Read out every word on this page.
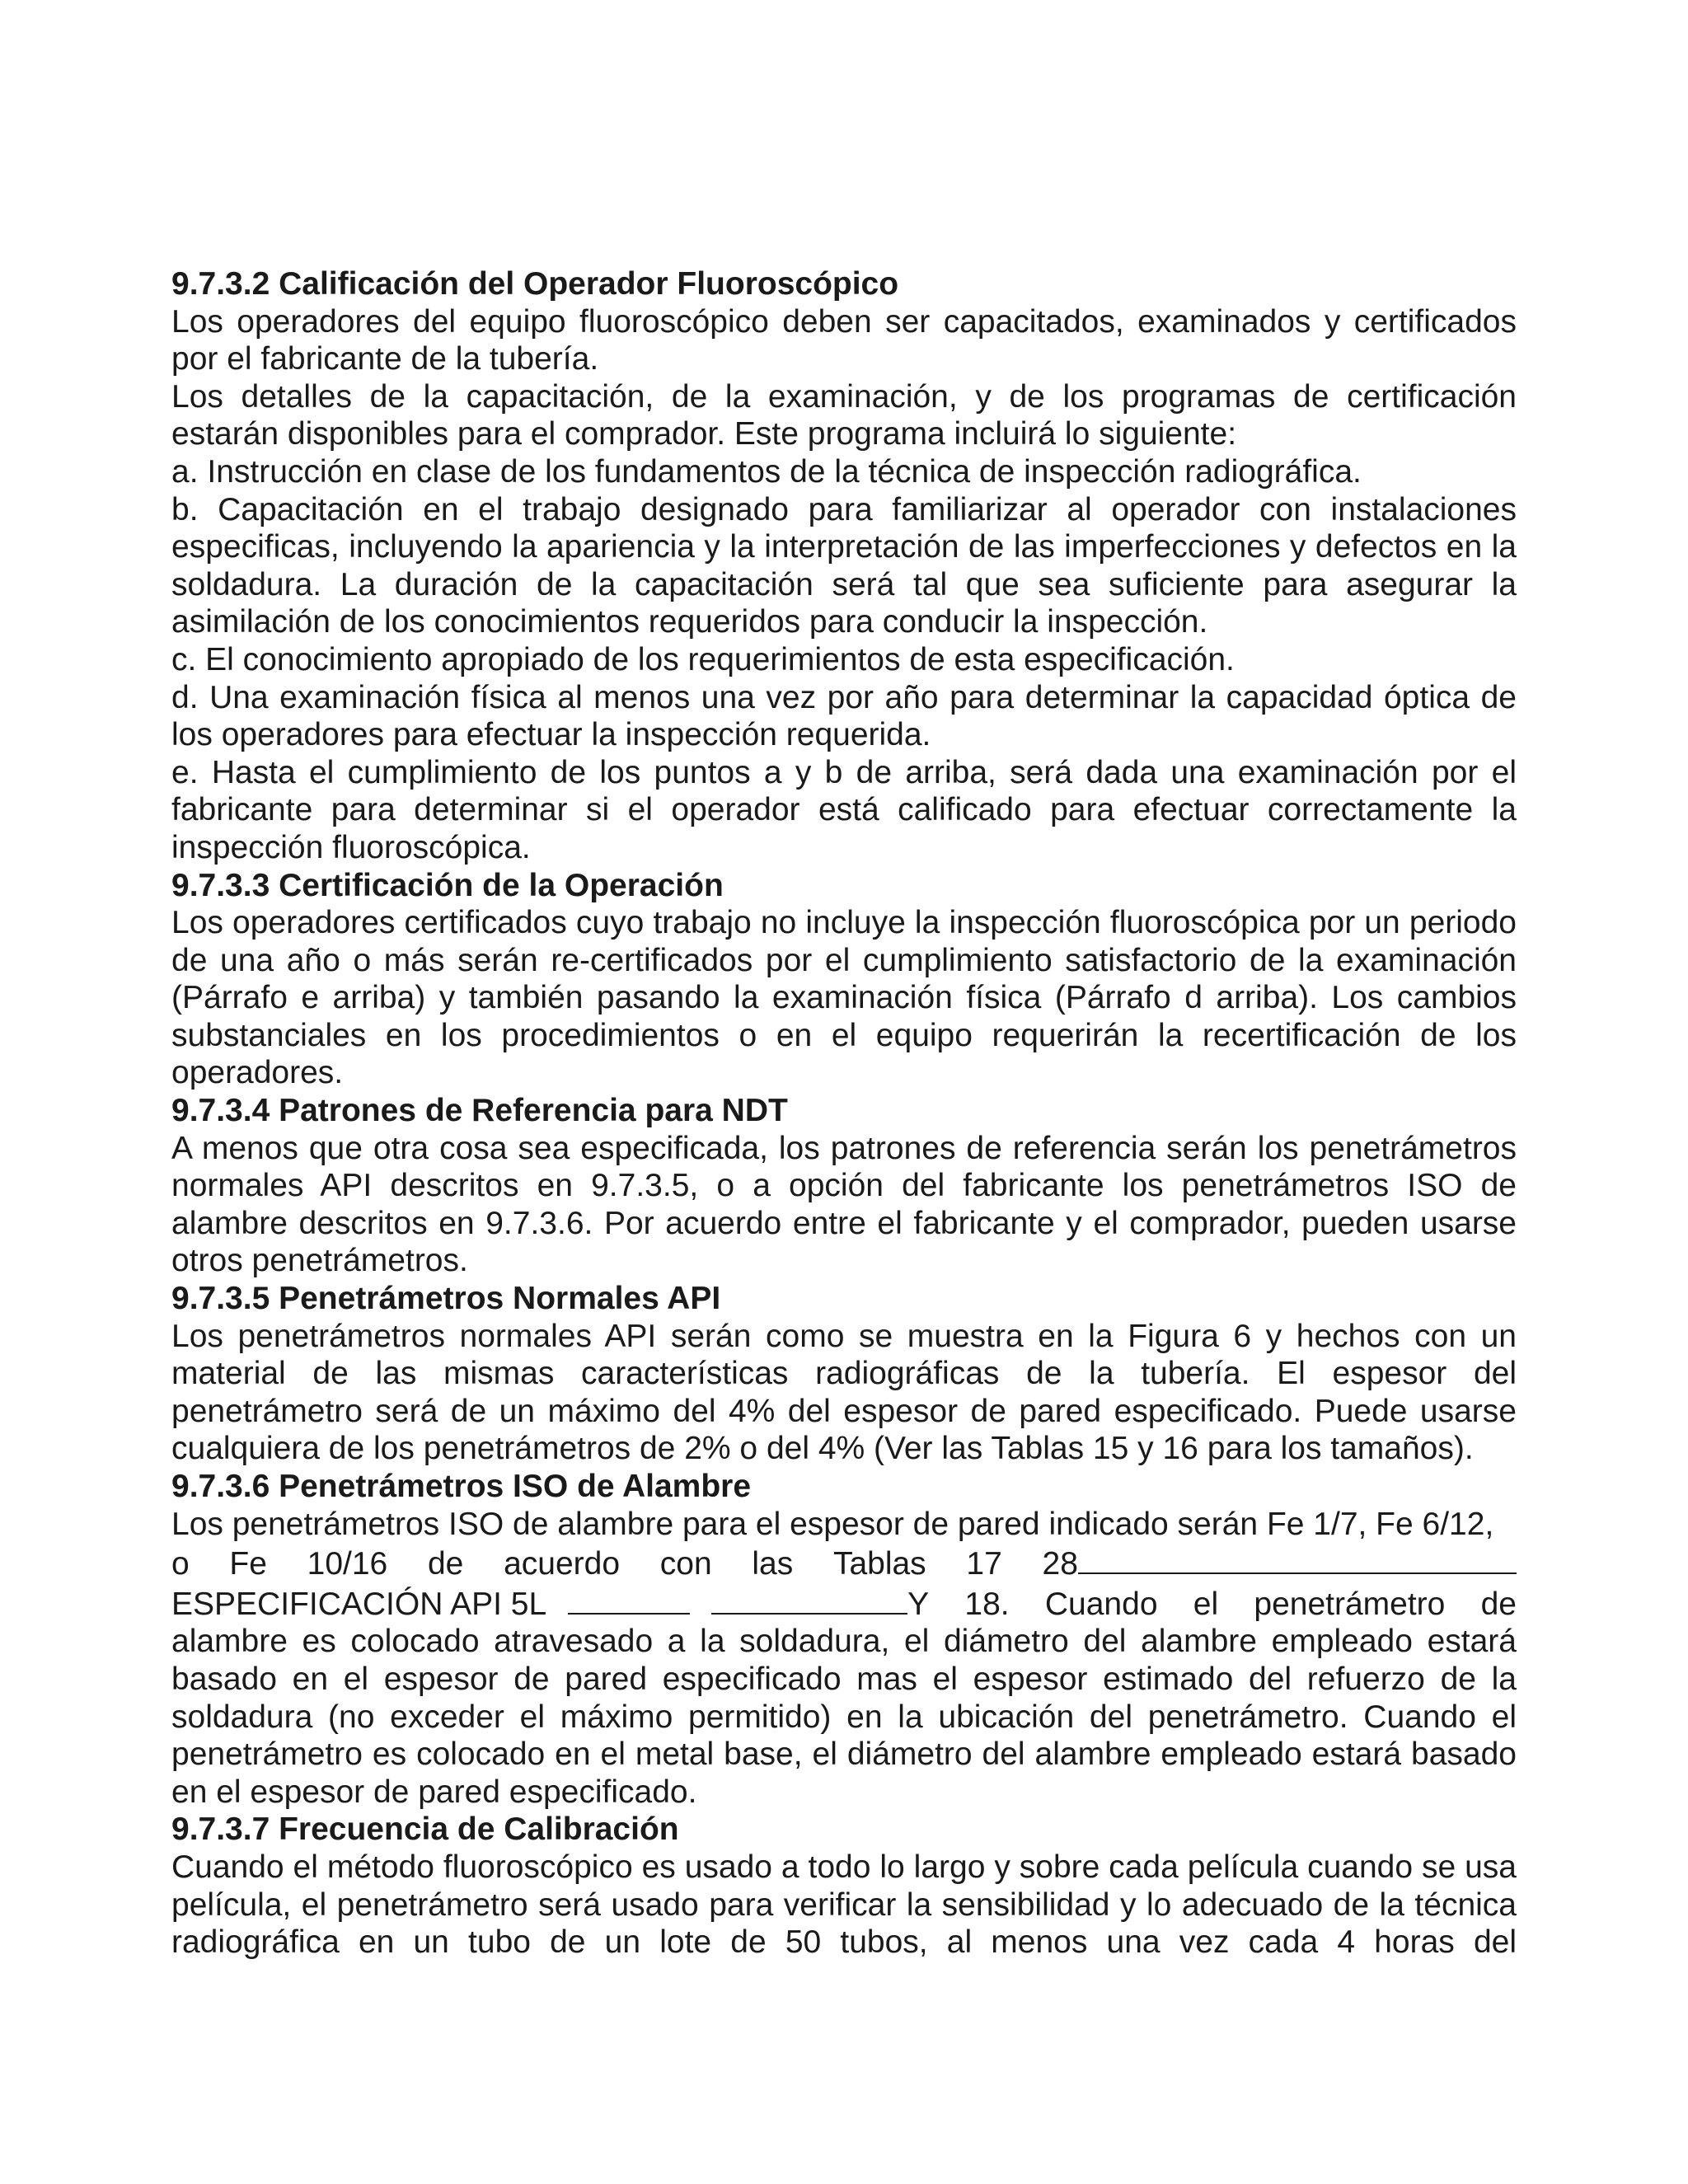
9.7.3.2 Calificación del Operador Fluoroscópico

Los operadores del equipo fluoroscópico deben ser capacitados, examinados y certificados por el fabricante de la tubería.

Los detalles de la capacitación, de la examinación, y de los programas de certificación estarán disponibles para el comprador. Este programa incluirá lo siguiente:

a. Instrucción en clase de los fundamentos de la técnica de inspección radiográfica.

b. Capacitación en el trabajo designado para familiarizar al operador con instalaciones especificas, incluyendo la apariencia y la interpretación de las imperfecciones y defectos en la soldadura. La duración de la capacitación será tal que sea suficiente para asegurar la asimilación de los conocimientos requeridos para conducir la inspección.

c. El conocimiento apropiado de los requerimientos de esta especificación.

d. Una examinación física al menos una vez por año para determinar la capacidad óptica de los operadores para efectuar la inspección requerida.

e. Hasta el cumplimiento de los puntos a y b de arriba, será dada una examinación por el fabricante para determinar si el operador está calificado para efectuar correctamente la inspección fluoroscópica.

9.7.3.3 Certificación de la Operación

Los operadores certificados cuyo trabajo no incluye la inspección fluoroscópica por un periodo de una año o más serán re-certificados por el cumplimiento satisfactorio de la examinación (Párrafo e arriba) y también pasando la examinación física (Párrafo d arriba). Los cambios substanciales en los procedimientos o en el equipo requerirán la recertificación de los operadores.

9.7.3.4 Patrones de Referencia para NDT

A menos que otra cosa sea especificada, los patrones de referencia serán los penetrámetros normales API descritos en 9.7.3.5, o a opción del fabricante los penetrámetros ISO de alambre descritos en 9.7.3.6. Por acuerdo entre el fabricante y el comprador, pueden usarse otros penetrámetros.

9.7.3.5 Penetrámetros Normales API

Los penetrámetros normales API serán como se muestra en la Figura 6 y hechos con un material de las mismas características radiográficas de la tubería. El espesor del penetrámetro será de un máximo del 4% del espesor de pared especificado. Puede usarse cualquiera de los penetrámetros de 2% o del 4% (Ver las Tablas 15 y 16 para los tamaños).

9.7.3.6 Penetrámetros ISO de Alambre
Los penetrámetros ISO de alambre para el espesor de pared indicado serán Fe 1/7, Fe 6/12,
o Fe 10/16 de acuerdo con las Tablas 17 28
ESPECIFICACIÓN API 5L	Y 18. Cuando el penetrámetro de
alambre es colocado atravesado a la soldadura, el diámetro del alambre empleado estará basado en el espesor de pared especificado mas el espesor estimado del refuerzo de la soldadura (no exceder el máximo permitido) en la ubicación del penetrámetro. Cuando el penetrámetro es colocado en el metal base, el diámetro del alambre empleado estará basado en el espesor de pared especificado.
9.7.3.7 Frecuencia de Calibración

Cuando el método fluoroscópico es usado a todo lo largo y sobre cada película cuando se usa película, el penetrámetro será usado para verificar la sensibilidad y lo adecuado de la técnica radiográfica en un tubo de un lote de 50 tubos, al menos una vez cada 4 horas del
